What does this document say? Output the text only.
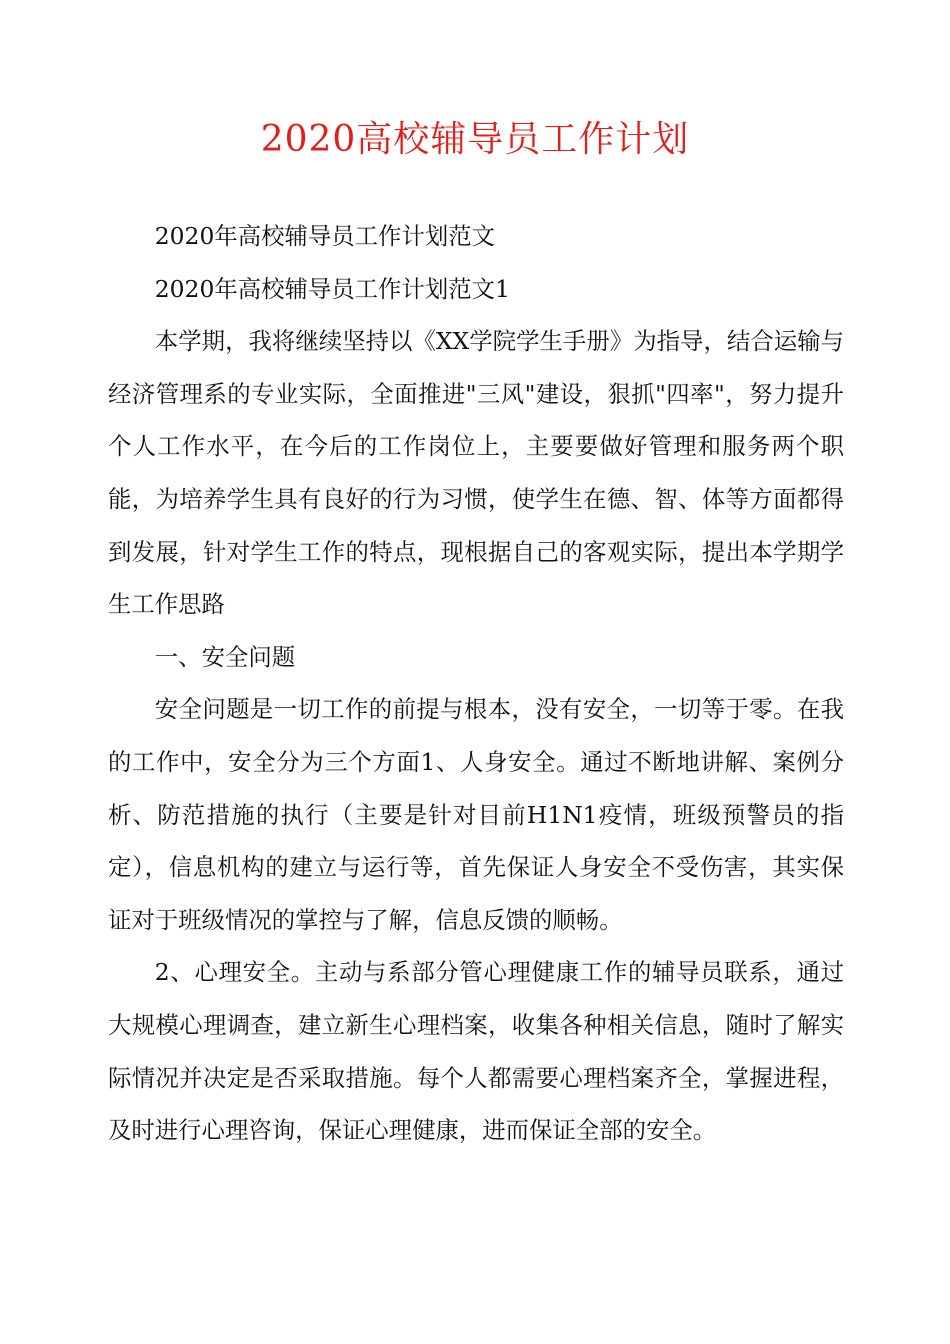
2020高校辅导员工作计划

2020年高校辅导员工作计划范文

2020年高校辅导员工作计划范文1

本学期，我将继续坚持以《XX学院学生手册》为指导，结合运输与经济管理系的专业实际，全面推进"三风"建设，狠抓"四率"，努力提升个人工作水平，在今后的工作岗位上，主要要做好管理和服务两个职能，为培养学生具有良好的行为习惯，使学生在德、智、体等方面都得到发展，针对学生工作的特点，现根据自己的客观实际，提出本学期学生工作思路

一、安全问题

安全问题是一切工作的前提与根本，没有安全，一切等于零。在我的工作中，安全分为三个方面1、人身安全。通过不断地讲解、案例分析、防范措施的执行（主要是针对目前H1N1疫情，班级预警员的指定），信息机构的建立与运行等，首先保证人身安全不受伤害，其实保证对于班级情况的掌控与了解，信息反馈的顺畅。

2、心理安全。主动与系部分管心理健康工作的辅导员联系，通过大规模心理调查，建立新生心理档案，收集各种相关信息，随时了解实际情况并决定是否采取措施。每个人都需要心理档案齐全，掌握进程，及时进行心理咨询，保证心理健康，进而保证全部的安全。
